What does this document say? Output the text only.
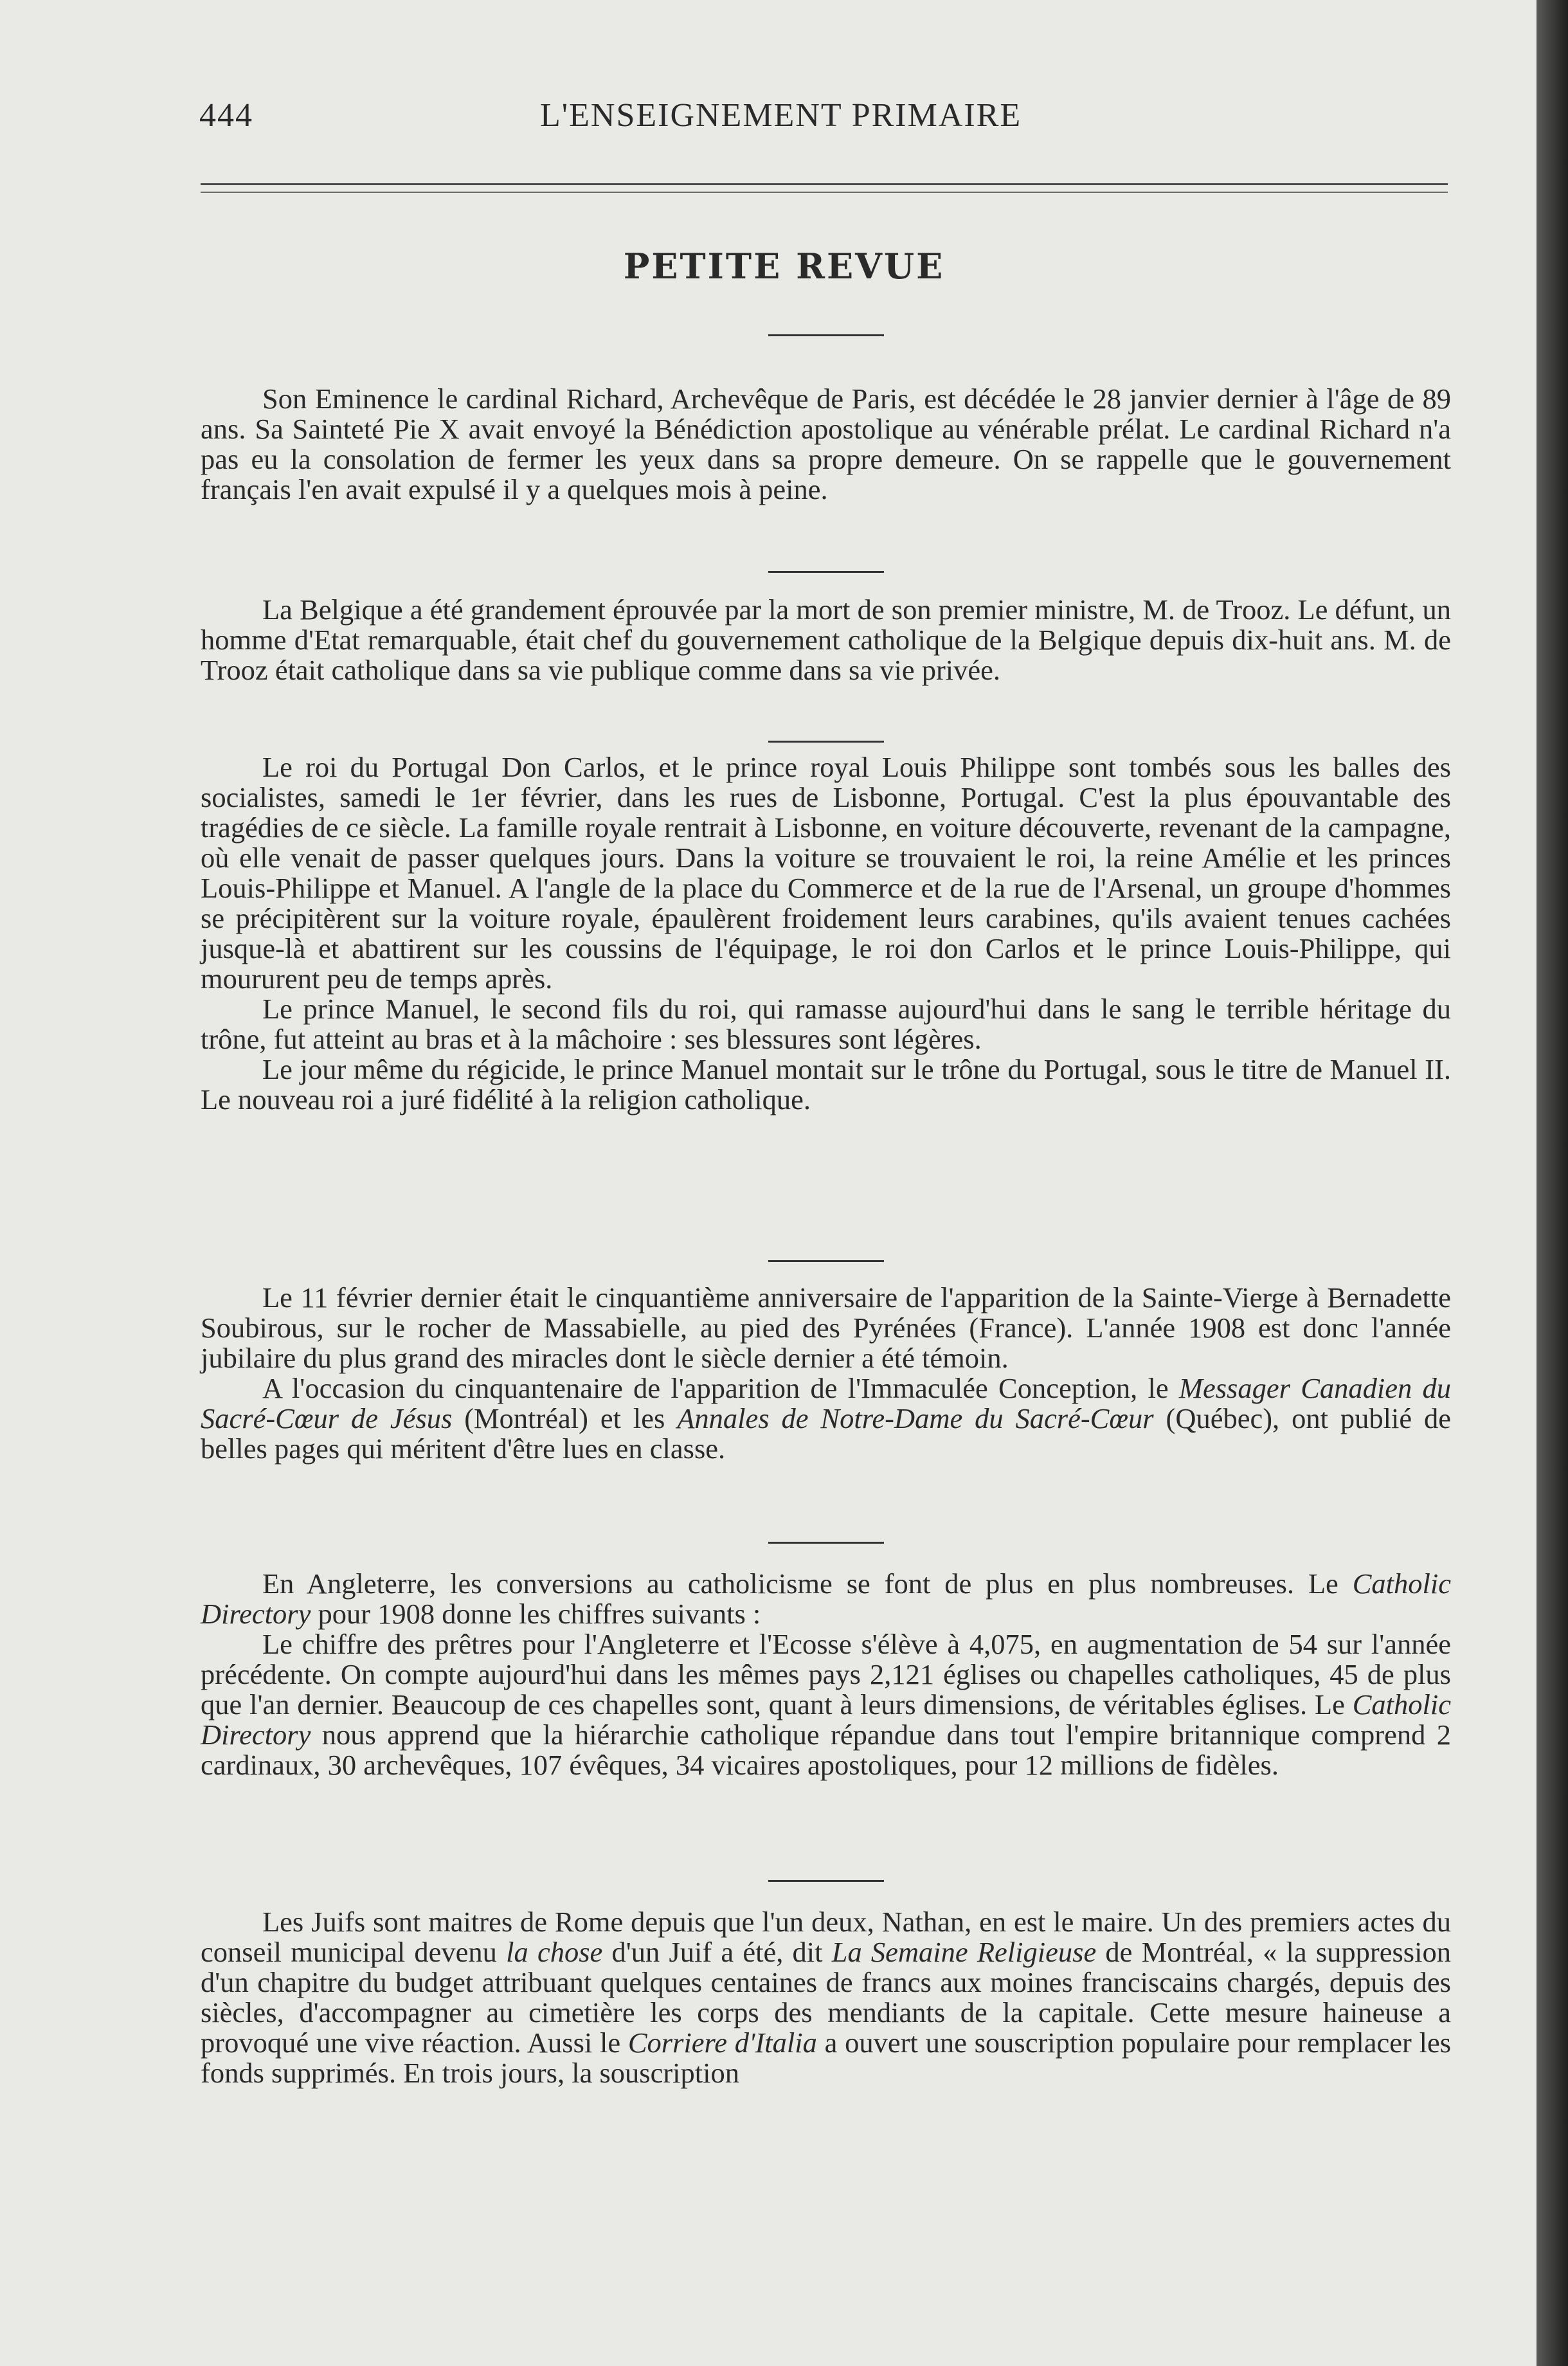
444	L'ENSEIGNEMENT PRIMAIRE
PETITE REVUE

Son Eminence le cardinal Richard, Archevêque de Paris, est décédée le 28 janvier dernier à l'âge de 89 ans. Sa Sainteté Pie X avait envoyé la Bénédiction apostolique au vénérable prélat. Le cardinal Richard n'a pas eu la consolation de fermer les yeux dans sa propre demeure. On se rappelle que le gouvernement français l'en avait expulsé il y a quelques mois à peine.

La Belgique a été grandement éprouvée par la mort de son premier ministre, M. de Trooz. Le défunt, un homme d'Etat remarquable, était chef du gouvernement catholique de la Belgique depuis dix-huit ans. M. de Trooz était catholique dans sa vie publique comme dans sa vie privée.

Le roi du Portugal Don Carlos, et le prince royal Louis Philippe sont tombés sous les balles des socialistes, samedi le 1er février, dans les rues de Lisbonne, Portugal. C'est la plus épouvantable des tragédies de ce siècle. La famille royale rentrait à Lisbonne, en voiture découverte, revenant de la campagne, où elle venait de passer quelques jours. Dans la voiture se trouvaient le roi, la reine Amélie et les princes Louis-Philippe et Manuel. A l'angle de la place du Commerce et de la rue de l'Arsenal, un groupe d'hommes se précipitèrent sur la voiture royale, épaulèrent froidement leurs carabines, qu'ils avaient tenues cachées jusque-là et abattirent sur les coussins de l'équipage, le roi don Carlos et le prince Louis-Philippe, qui moururent peu de temps après.

Le prince Manuel, le second fils du roi, qui ramasse aujourd'hui dans le sang le terrible héritage du trône, fut atteint au bras et à la mâchoire : ses blessures sont légères.

Le jour même du régicide, le prince Manuel montait sur le trône du Portugal, sous le titre de Manuel II. Le nouveau roi a juré fidélité à la religion catholique.

Le 11 février dernier était le cinquantième anniversaire de l'apparition de la Sainte-Vierge à Bernadette Soubirous, sur le rocher de Massabielle, au pied des Pyrénées (France). L'année 1908 est donc l'année jubilaire du plus grand des miracles dont le siècle dernier a été témoin.

A l'occasion du cinquantenaire de l'apparition de l'Immaculée Conception, le Messager Canadien du Sacré-Cœur de Jésus (Montréal) et les Annales de Notre-Dame du Sacré-Cœur (Québec), ont publié de belles pages qui méritent d'être lues en classe.

En Angleterre, les conversions au catholicisme se font de plus en plus nombreuses. Le Catholic Directory pour 1908 donne les chiffres suivants :

Le chiffre des prêtres pour l'Angleterre et l'Ecosse s'élève à 4,075, en augmentation de 54 sur l'année précédente. On compte aujourd'hui dans les mêmes pays 2,121 églises ou chapelles catholiques, 45 de plus que l'an dernier. Beaucoup de ces chapelles sont, quant à leurs dimensions, de véritables églises. Le Catholic Directory nous apprend que la hiérarchie catholique répandue dans tout l'empire britannique comprend 2 cardinaux, 30 archevêques, 107 évêques, 34 vicaires apostoliques, pour 12 millions de fidèles.

Les Juifs sont maitres de Rome depuis que l'un deux, Nathan, en est le maire. Un des premiers actes du conseil municipal devenu la chose d'un Juif a été, dit La Semaine Religieuse de Montréal, « la suppression d'un chapitre du budget attribuant quelques centaines de francs aux moines franciscains chargés, depuis des siècles, d'accompagner au cimetière les corps des mendiants de la capitale. Cette mesure haineuse a provoqué une vive réaction. Aussi le Corriere d'Italia a ouvert une souscription populaire pour remplacer les fonds supprimés. En trois jours, la souscription
